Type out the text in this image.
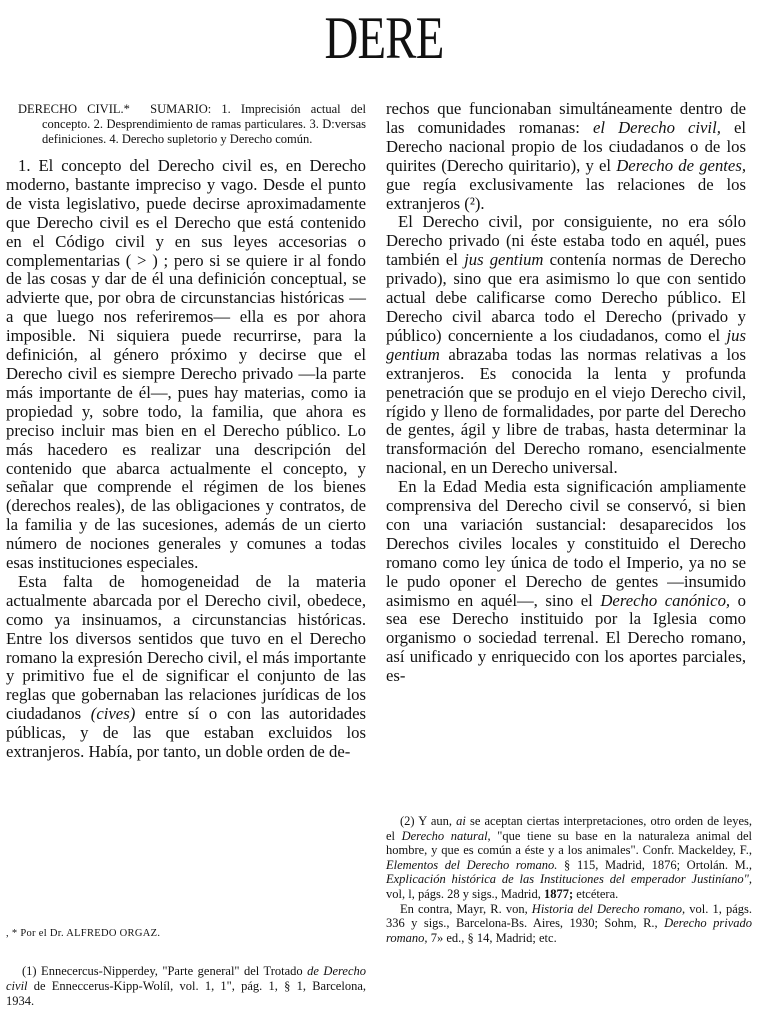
DERE
DERECHO CIVIL.* SUMARIO: 1. Imprecisión actual del concepto. 2. Desprendimiento de ramas particulares. 3. D:versas definiciones. 4. Derecho supletorio y Derecho común.

1. El concepto del Derecho civil es, en Derecho moderno, bastante impreciso y vago. Desde el punto de vista legislativo, puede decirse aproximadamente que Derecho civil es el Derecho que está contenido en el Código civil y en sus leyes accesorias o complementarias ( > ) ; pero si se quiere ir al fondo de las cosas y dar de él una definición conceptual, se advierte que, por obra de circunstancias históricas —a que luego nos referiremos— ella es por ahora imposible. Ni siquiera puede recurrirse, para la definición, al género próximo y decirse que el Derecho civil es siempre Derecho privado —la parte más importante de él—, pues hay materias, como ia propiedad y, sobre todo, la familia, que ahora es preciso incluir mas bien en el Derecho público. Lo más hacedero es realizar una descripción del contenido que abarca actualmente el concepto, y señalar que comprende el régimen de los bienes (derechos reales), de las obligaciones y contratos, de la familia y de las sucesiones, además de un cierto número de nociones generales y comunes a todas esas instituciones especiales.

Esta falta de homogeneidad de la materia actualmente abarcada por el Derecho civil, obedece, como ya insinuamos, a circunstancias históricas. Entre los diversos sentidos que tuvo en el Derecho romano la expresión Derecho civil, el más importante y primitivo fue el de significar el conjunto de las reglas que gobernaban las relaciones jurídicas de los ciudadanos (cives) entre sí o con las autoridades públicas, y de las que estaban excluidos los extranjeros. Había, por tanto, un doble orden de de-

rechos que funcionaban simultáneamente dentro de las comunidades romanas: el Derecho civil, el Derecho nacional propio de los ciudadanos o de los quirites (Derecho quiritario), y el Derecho de gentes, gue regía exclusivamente las relaciones de los extranjeros (²).

El Derecho civil, por consiguiente, no era sólo Derecho privado (ni éste estaba todo en aquél, pues también el jus gentium contenía normas de Derecho privado), sino que era asimismo lo que con sentido actual debe calificarse como Derecho público. El Derecho civil abarca todo el Derecho (privado y público) concerniente a los ciudadanos, como el jus gentium abrazaba todas las normas relativas a los extranjeros. Es conocida la lenta y profunda penetración que se produjo en el viejo Derecho civil, rígido y lleno de formalidades, por parte del Derecho de gentes, ágil y libre de trabas, hasta determinar la transformación del Derecho romano, esencialmente nacional, en un Derecho universal.

En la Edad Media esta significación ampliamente comprensiva del Derecho civil se conservó, si bien con una variación sustancial: desaparecidos los Derechos civiles locales y constituido el Derecho romano como ley única de todo el Imperio, ya no se le pudo oponer el Derecho de gentes —insumido asimismo en aquél—, sino el Derecho canónico, o sea ese Derecho instituido por la Iglesia como organismo o sociedad terrenal. El Derecho romano, así unificado y enriquecido con los aportes parciales, es-

, * Por el Dr. ALFREDO ORGAZ.
(1) Ennecercus-Nipperdey, "Parte general" del Trotado de Derecho civil de Enneccerus-Kipp-Wolíl, vol. 1, 1", pág. 1, § 1, Barcelona, 1934.

(2) Y aun, ai se aceptan ciertas interpretaciones, otro orden de leyes, el Derecho natural, "que tiene su base en la naturaleza animal del hombre, y que es común a éste y a los animales". Confr. Mackeldey, F., Elementos del Derecho romano. § 115, Madrid, 1876; Ortolán. M., Explicación histórica de las Instituciones del emperador Justiníano", vol, l, págs. 28 y sigs., Madrid, 1877; etcétera.

En contra, Mayr, R. von, Historia del Derecho romano, vol. 1, págs. 336 y sigs., Barcelona-Bs. Aires, 1930; Sohm, R., Derecho privado romano, 7» ed., § 14, Madrid; etc.
